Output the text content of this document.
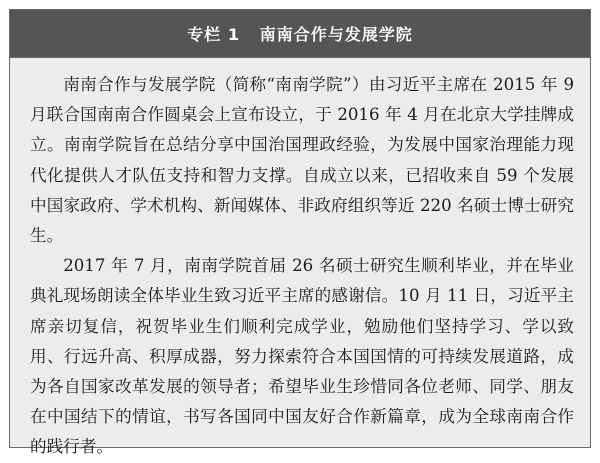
专栏 1 南南合作与发展学院

南南合作与发展学院（简称“南南学院”）由习近平主席在 2015 年 9 月联合国南南合作圆桌会上宣布设立，于 2016 年 4 月在北京大学挂牌成立。南南学院旨在总结分享中国治国理政经验，为发展中国家治理能力现代化提供人才队伍支持和智力支撑。自成立以来，已招收来自 59 个发展中国家政府、学术机构、新闻媒体、非政府组织等近 220 名硕士博士研究生。

2017 年 7 月，南南学院首届 26 名硕士研究生顺利毕业，并在毕业典礼现场朗读全体毕业生致习近平主席的感谢信。10 月 11 日，习近平主席亲切复信，祝贺毕业生们顺利完成学业，勉励他们坚持学习、学以致用、行远升高、积厚成器，努力探索符合本国国情的可持续发展道路，成为各自国家改革发展的领导者；希望毕业生珍惜同各位老师、同学、朋友在中国结下的情谊，书写各国同中国友好合作新篇章，成为全球南南合作的践行者。
